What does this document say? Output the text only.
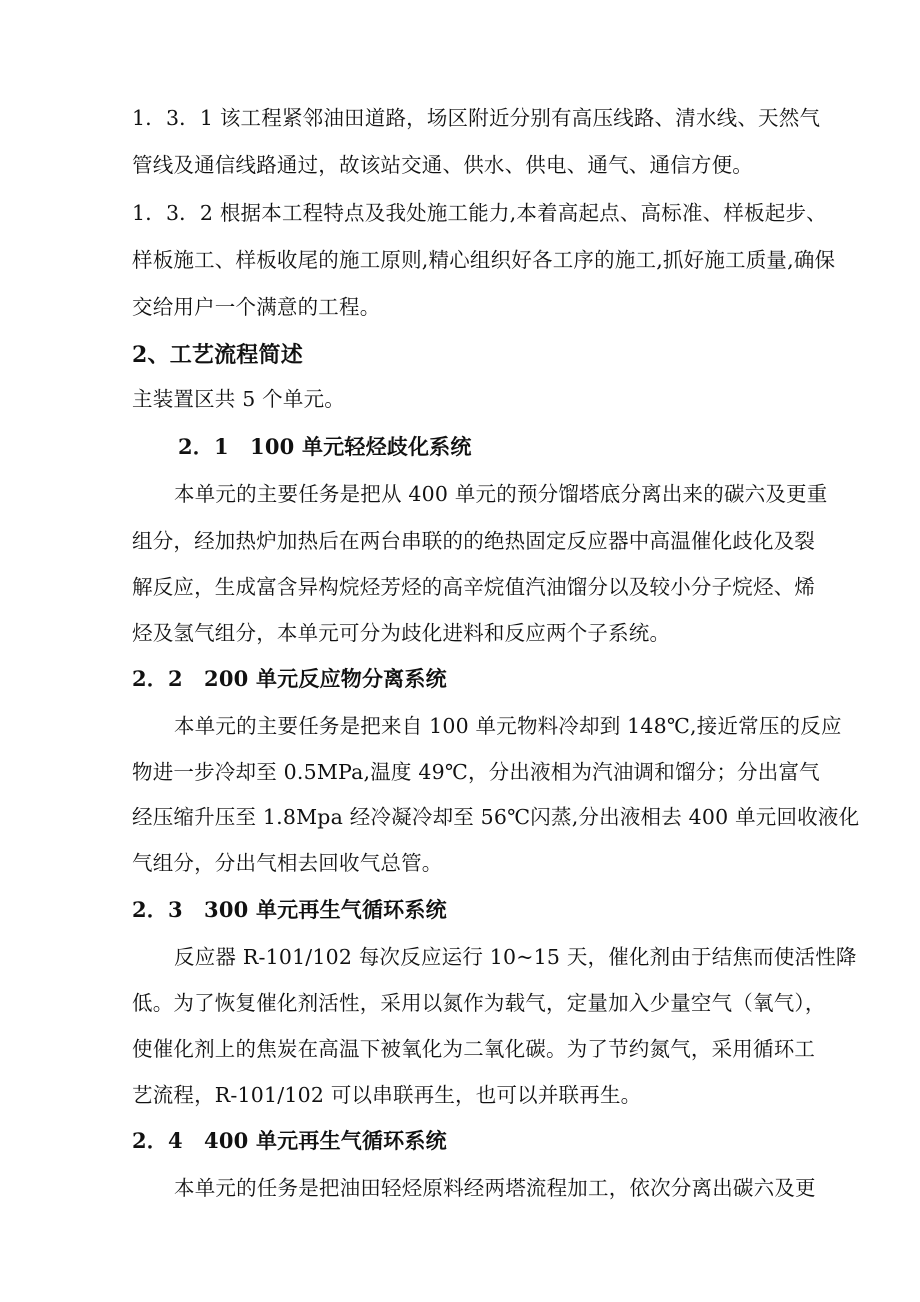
1．3．1 该工程紧邻油田道路，场区附近分别有高压线路、清水线、天然气
管线及通信线路通过，故该站交通、供水、供电、通气、通信方便。
1．3．2 根据本工程特点及我处施工能力,本着高起点、高标准、样板起步、
样板施工、样板收尾的施工原则,精心组织好各工序的施工,抓好施工质量,确保
交给用户一个满意的工程。
2、工艺流程简述
主装置区共 5 个单元。
2．1　100 单元轻烃歧化系统
本单元的主要任务是把从 400 单元的预分馏塔底分离出来的碳六及更重
组分，经加热炉加热后在两台串联的的绝热固定反应器中高温催化歧化及裂
解反应，生成富含异构烷烃芳烃的高辛烷值汽油馏分以及较小分子烷烃、烯
烃及氢气组分，本单元可分为歧化进料和反应两个子系统。
2．2　200 单元反应物分离系统
本单元的主要任务是把来自 100 单元物料冷却到 148℃,接近常压的反应
物进一步冷却至 0.5MPa,温度 49℃，分出液相为汽油调和馏分；分出富气
经压缩升压至 1.8Mpa 经冷凝冷却至 56℃闪蒸,分出液相去 400 单元回收液化
气组分，分出气相去回收气总管。
2．3　300 单元再生气循环系统
反应器 R-101/102 每次反应运行 10~15 天，催化剂由于结焦而使活性降
低。为了恢复催化剂活性，采用以氮作为载气，定量加入少量空气（氧气），
使催化剂上的焦炭在高温下被氧化为二氧化碳。为了节约氮气，采用循环工
艺流程，R-101/102 可以串联再生，也可以并联再生。
2．4　400 单元再生气循环系统
本单元的任务是把油田轻烃原料经两塔流程加工，依次分离出碳六及更
